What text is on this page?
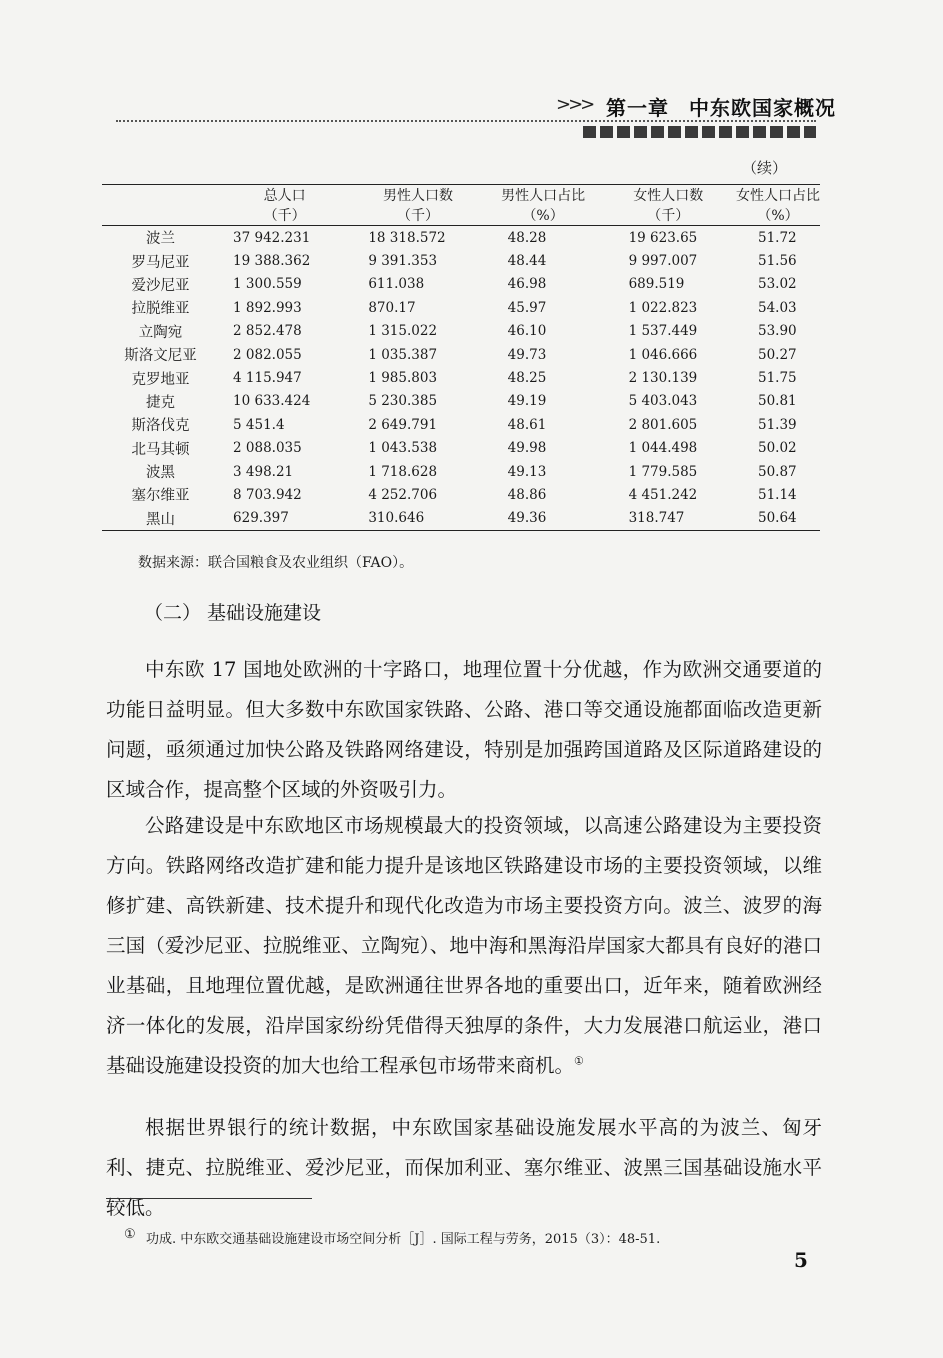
>>> 第一章 中东欧国家概况
（续）
	总人口	男性人口数	男性人口占比	女性人口数	女性人口占比
	（千）	（千）	（%）	（千）	（%）
波兰	37 942.231	18 318.572	48.28	19 623.65	51.72
罗马尼亚	19 388.362	9 391.353	48.44	9 997.007	51.56
爱沙尼亚	1 300.559	611.038	46.98	689.519	53.02
拉脱维亚	1 892.993	870.17	45.97	1 022.823	54.03
立陶宛	2 852.478	1 315.022	46.10	1 537.449	53.90
斯洛文尼亚	2 082.055	1 035.387	49.73	1 046.666	50.27
克罗地亚	4 115.947	1 985.803	48.25	2 130.139	51.75
捷克	10 633.424	5 230.385	49.19	5 403.043	50.81
斯洛伐克	5 451.4	2 649.791	48.61	2 801.605	51.39
北马其顿	2 088.035	1 043.538	49.98	1 044.498	50.02
波黑	3 498.21	1 718.628	49.13	1 779.585	50.87
塞尔维亚	8 703.942	4 252.706	48.86	4 451.242	51.14
黑山	629.397	310.646	49.36	318.747	50.64
数据来源：联合国粮食及农业组织（FAO）。
（二） 基础设施建设

中东欧 17 国地处欧洲的十字路口，地理位置十分优越，作为欧洲交通要道的功能日益明显。但大多数中东欧国家铁路、公路、港口等交通设施都面临改造更新问题，亟须通过加快公路及铁路网络建设，特别是加强跨国道路及区际道路建设的区域合作，提高整个区域的外资吸引力。

公路建设是中东欧地区市场规模最大的投资领域，以高速公路建设为主要投资方向。铁路网络改造扩建和能力提升是该地区铁路建设市场的主要投资领域，以维修扩建、高铁新建、技术提升和现代化改造为市场主要投资方向。波兰、波罗的海三国（爱沙尼亚、拉脱维亚、立陶宛）、地中海和黑海沿岸国家大都具有良好的港口业基础，且地理位置优越，是欧洲通往世界各地的重要出口，近年来，随着欧洲经济一体化的发展，沿岸国家纷纷凭借得天独厚的条件，大力发展港口航运业，港口基础设施建设投资的加大也给工程承包市场带来商机。①

根据世界银行的统计数据，中东欧国家基础设施发展水平高的为波兰、匈牙利、捷克、拉脱维亚、爱沙尼亚，而保加利亚、塞尔维亚、波黑三国基础设施水平较低。

① 功成. 中东欧交通基础设施建设市场空间分析［J］. 国际工程与劳务，2015（3）：48-51.
5
